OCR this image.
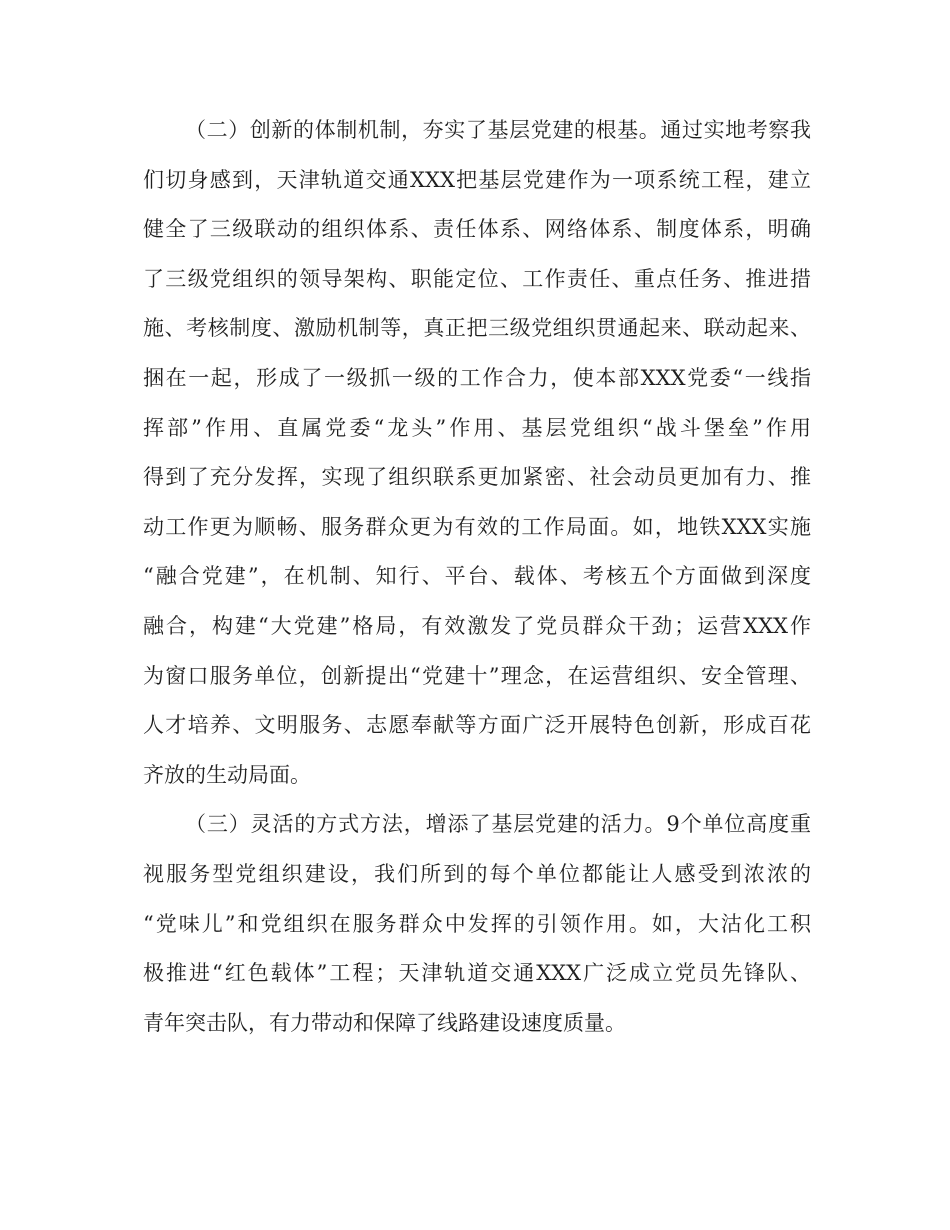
（二）创新的体制机制，夯实了基层党建的根基。通过实地考察我
们切身感到，天津轨道交通XXX把基层党建作为一项系统工程，建立
健全了三级联动的组织体系、责任体系、网络体系、制度体系，明确
了三级党组织的领导架构、职能定位、工作责任、重点任务、推进措
施、考核制度、激励机制等，真正把三级党组织贯通起来、联动起来、
捆在一起，形成了一级抓一级的工作合力，使本部XXX党委“一线指
挥部”作用、直属党委“龙头”作用、基层党组织“战斗堡垒”作用
得到了充分发挥，实现了组织联系更加紧密、社会动员更加有力、推
动工作更为顺畅、服务群众更为有效的工作局面。如，地铁XXX实施
“融合党建”，在机制、知行、平台、载体、考核五个方面做到深度
融合，构建“大党建”格局，有效激发了党员群众干劲；运营XXX作
为窗口服务单位，创新提出“党建十”理念，在运营组织、安全管理、
人才培养、文明服务、志愿奉献等方面广泛开展特色创新，形成百花
齐放的生动局面。
（三）灵活的方式方法，增添了基层党建的活力。9个单位高度重
视服务型党组织建设，我们所到的每个单位都能让人感受到浓浓的
“党味儿”和党组织在服务群众中发挥的引领作用。如，大沽化工积
极推进“红色载体”工程；天津轨道交通XXX广泛成立党员先锋队、
青年突击队，有力带动和保障了线路建设速度质量。
